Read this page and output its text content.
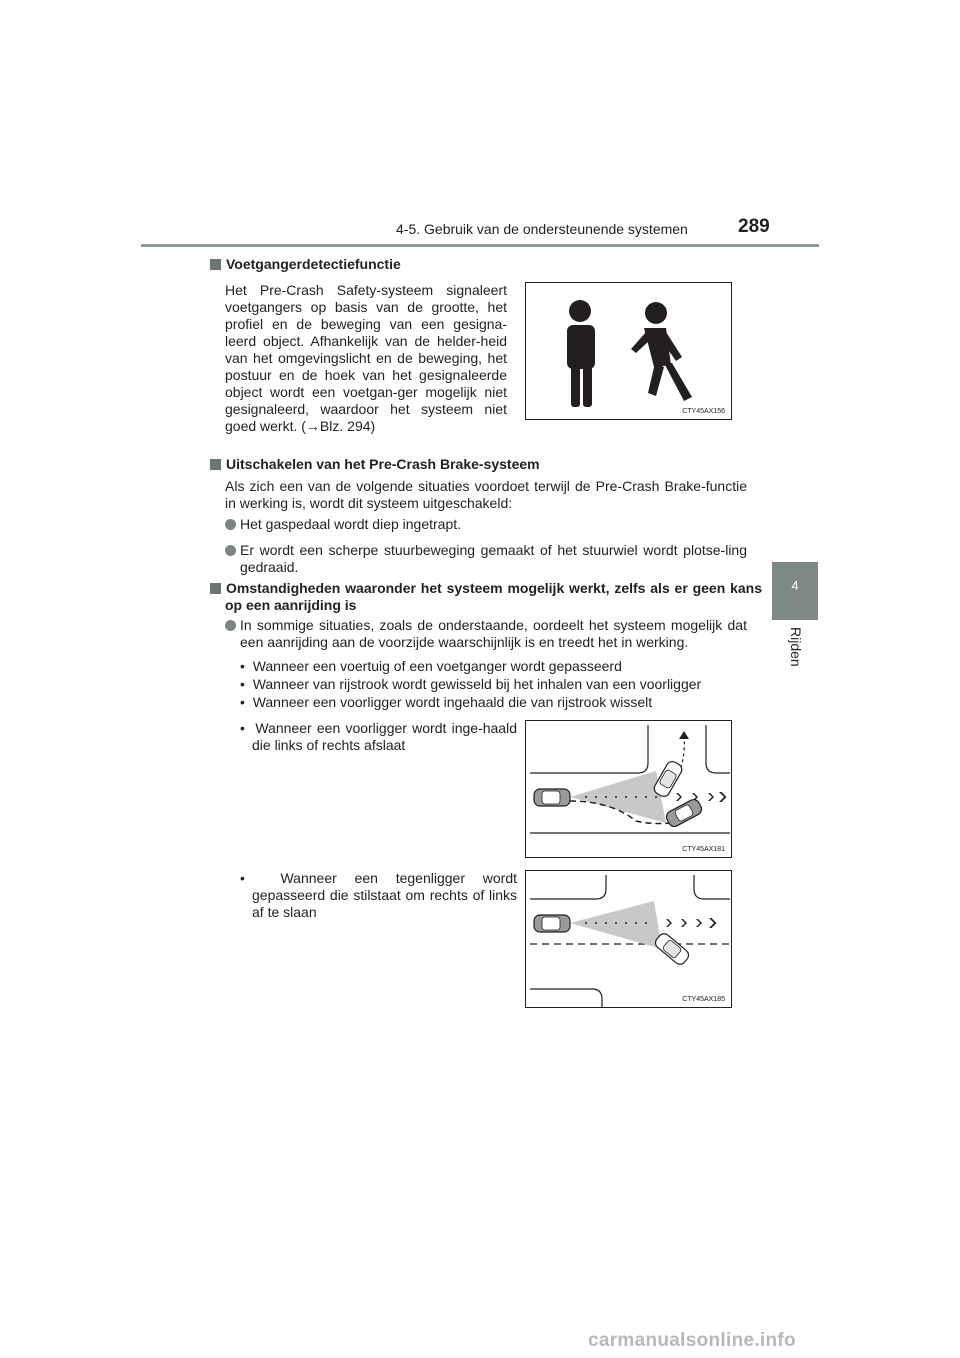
4-5. Gebruik van de ondersteunende systemen	289
4
Rijden
Voetgangerdetectiefunctie
Het Pre-Crash Safety-systeem signaleert voetgangers op basis van de grootte, het profiel en de beweging van een gesigna-leerd object. Afhankelijk van de helder-heid van het omgevingslicht en de beweging, het postuur en de hoek van het gesignaleerde object wordt een voetgan-ger mogelijk niet gesignaleerd, waardoor het systeem niet goed werkt. (→Blz. 294)
CTY45AX156
Uitschakelen van het Pre-Crash Brake-systeem
Als zich een van de volgende situaties voordoet terwijl de Pre-Crash Brake-functie in werking is, wordt dit systeem uitgeschakeld:
Het gaspedaal wordt diep ingetrapt.
Er wordt een scherpe stuurbeweging gemaakt of het stuurwiel wordt plotse-ling gedraaid.
Omstandigheden waaronder het systeem mogelijk werkt, zelfs als er geen kans op een aanrijding is
In sommige situaties, zoals de onderstaande, oordeelt het systeem mogelijk dat een aanrijding aan de voorzijde waarschijnlijk is en treedt het in werking.
•  Wanneer een voertuig of een voetganger wordt gepasseerd
•  Wanneer van rijstrook wordt gewisseld bij het inhalen van een voorligger
•  Wanneer een voorligger wordt ingehaald die van rijstrook wisselt
•  Wanneer een voorligger wordt inge-haald die links of rechts afslaat
CTY45AX181
•  Wanneer een tegenligger wordt gepasseerd die stilstaat om rechts of links af te slaan
CTY45AX185
carmanualsonline.info
